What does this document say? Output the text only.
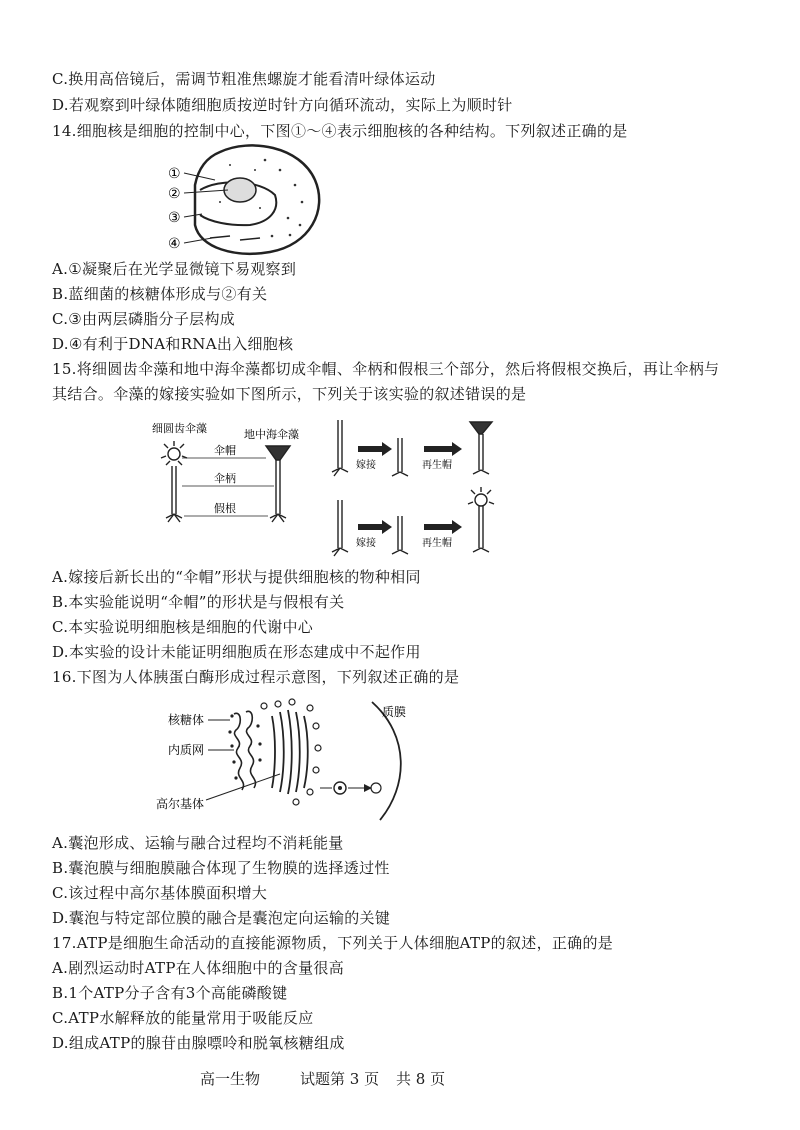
C.换用高倍镜后，需调节粗准焦螺旋才能看清叶绿体运动
D.若观察到叶绿体随细胞质按逆时针方向循环流动，实际上为顺时针
14.细胞核是细胞的控制中心，下图①～④表示细胞核的各种结构。下列叙述正确的是
①
②
③
④
A.①凝聚后在光学显微镜下易观察到
B.蓝细菌的核糖体形成与②有关
C.③由两层磷脂分子层构成
D.④有利于DNA和RNA出入细胞核
15.将细圆齿伞藻和地中海伞藻都切成伞帽、伞柄和假根三个部分，然后将假根交换后，再让伞柄与
其结合。伞藻的嫁接实验如下图所示，下列关于该实验的叙述错误的是
细圆齿伞藻	地中海伞藻
伞帽
伞柄
假根
嫁接	再生帽
嫁接	再生帽
A.嫁接后新长出的“伞帽”形状与提供细胞核的物种相同
B.本实验能说明“伞帽”的形状是与假根有关
C.本实验说明细胞核是细胞的代谢中心
D.本实验的设计未能证明细胞质在形态建成中不起作用
16.下图为人体胰蛋白酶形成过程示意图，下列叙述正确的是
核糖体
内质网
高尔基体
质膜
A.囊泡形成、运输与融合过程均不消耗能量
B.囊泡膜与细胞膜融合体现了生物膜的选择透过性
C.该过程中高尔基体膜面积增大
D.囊泡与特定部位膜的融合是囊泡定向运输的关键
17.ATP是细胞生命活动的直接能源物质，下列关于人体细胞ATP的叙述，正确的是
A.剧烈运动时ATP在人体细胞中的含量很高
B.1个ATP分子含有3个高能磷酸键
C.ATP水解释放的能量常用于吸能反应
D.组成ATP的腺苷由腺嘌呤和脱氧核糖组成
高一生物	试题第 3 页 共 8 页
